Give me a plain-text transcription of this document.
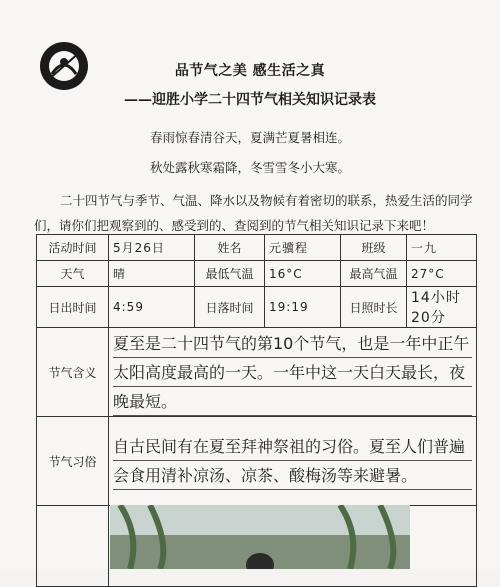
品节气之美 感生活之真
——迎胜小学二十四节气相关知识记录表
春雨惊春清谷天，夏满芒夏暑相连。
秋处露秋寒霜降，冬雪雪冬小大寒。
二十四节气与季节、气温、降水以及物候有着密切的联系，热爱生活的同学们，请你们把观察到的、感受到的、查阅到的节气相关知识记录下来吧！
活动时间	5月26日	姓名	元骥程	班级	一九
天气	晴	最低气温	16°C	最高气温	27°C
日出时间	4:59	日落时间	19:19	日照时长	14小时20分
节气含义	夏至是二十四节气的第10个节气，也是一年中正午太阳高度最高的一天。一年中这一天白天最长，夜晚最短。				

节气习俗	自古民间有在夏至拜神祭祖的习俗。夏至人们普遍会食用清补凉汤、凉茶、酸梅汤等来避暑。				
